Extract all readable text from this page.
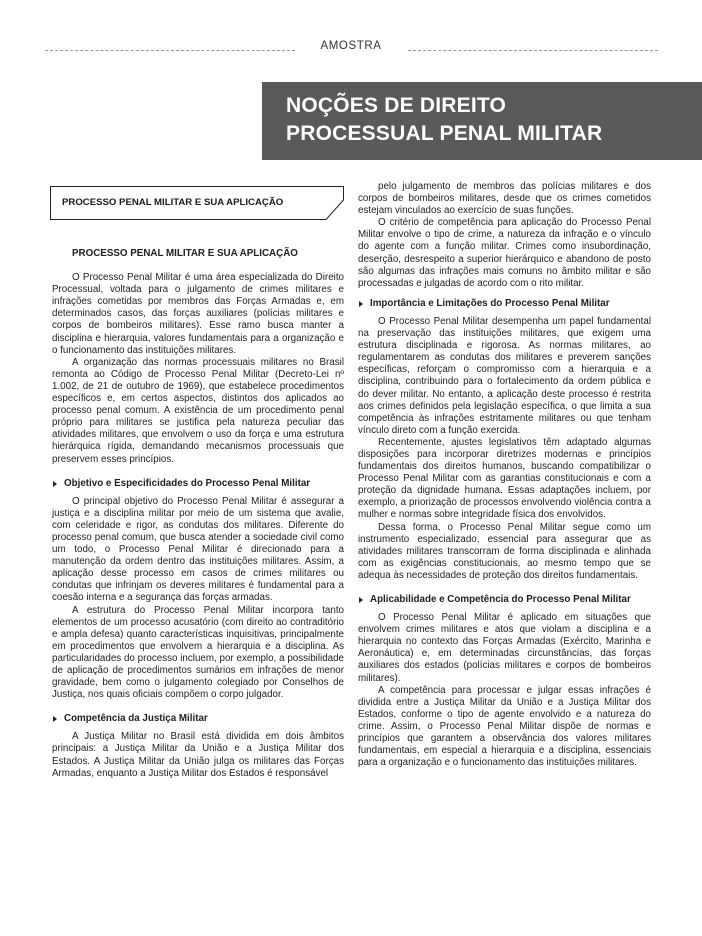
AMOSTRA
NOÇÕES DE DIREITO
PROCESSUAL PENAL MILITAR
PROCESSO PENAL MILITAR E SUA APLICAÇÃO
PROCESSO PENAL MILITAR E SUA APLICAÇÃO

O Processo Penal Militar é uma área especializada do Direito Processual, voltada para o julgamento de crimes militares e infrações cometidas por membros das Forças Armadas e, em determinados casos, das forças auxiliares (polícias militares e corpos de bombeiros militares). Esse ramo busca manter a disciplina e hierarquia, valores fundamentais para a organização e o funcionamento das instituições militares.

A organização das normas processuais militares no Brasil remonta ao Código de Processo Penal Militar (Decreto-Lei nº 1.002, de 21 de outubro de 1969), que estabelece procedimentos específicos e, em certos aspectos, distintos dos aplicados ao processo penal comum. A existência de um procedimento penal próprio para militares se justifica pela natureza peculiar das atividades militares, que envolvem o uso da força e uma estrutura hierárquica rígida, demandando mecanismos processuais que preservem esses princípios.

Objetivo e Especificidades do Processo Penal Militar

O principal objetivo do Processo Penal Militar é assegurar a justiça e a disciplina militar por meio de um sistema que avalie, com celeridade e rigor, as condutas dos militares. Diferente do processo penal comum, que busca atender a sociedade civil como um todo, o Processo Penal Militar é direcionado para a manutenção da ordem dentro das instituições militares. Assim, a aplicação desse processo em casos de crimes militares ou condutas que infrinjam os deveres militares é fundamental para a coesão interna e a segurança das forças armadas.

A estrutura do Processo Penal Militar incorpora tanto elementos de um processo acusatório (com direito ao contraditório e ampla defesa) quanto características inquisitivas, principalmente em procedimentos que envolvem a hierarquia e a disciplina. As particularidades do processo incluem, por exemplo, a possibilidade de aplicação de procedimentos sumários em infrações de menor gravidade, bem como o julgamento colegiado por Conselhos de Justiça, nos quais oficiais compõem o corpo julgador.

Competência da Justiça Militar

A Justiça Militar no Brasil está dividida em dois âmbitos principais: a Justiça Militar da União e a Justiça Militar dos Estados. A Justiça Militar da União julga os militares das Forças Armadas, enquanto a Justiça Militar dos Estados é responsável

pelo julgamento de membros das polícias militares e dos corpos de bombeiros militares, desde que os crimes cometidos estejam vinculados ao exercício de suas funções.

O critério de competência para aplicação do Processo Penal Militar envolve o tipo de crime, a natureza da infração e o vínculo do agente com a função militar. Crimes como insubordinação, deserção, desrespeito a superior hierárquico e abandono de posto são algumas das infrações mais comuns no âmbito militar e são processadas e julgadas de acordo com o rito militar.

Importância e Limitações do Processo Penal Militar

O Processo Penal Militar desempenha um papel fundamental na preservação das instituições militares, que exigem uma estrutura disciplinada e rigorosa. As normas militares, ao regulamentarem as condutas dos militares e preverem sanções específicas, reforçam o compromisso com a hierarquia e a disciplina, contribuindo para o fortalecimento da ordem pública e do dever militar. No entanto, a aplicação deste processo é restrita aos crimes definidos pela legislação específica, o que limita a sua competência às infrações estritamente militares ou que tenham vínculo direto com a função exercida.

Recentemente, ajustes legislativos têm adaptado algumas disposições para incorporar diretrizes modernas e princípios fundamentais dos direitos humanos, buscando compatibilizar o Processo Penal Militar com as garantias constitucionais e com a proteção da dignidade humana. Essas adaptações incluem, por exemplo, a priorização de processos envolvendo violência contra a mulher e normas sobre integridade física dos envolvidos.

Dessa forma, o Processo Penal Militar segue como um instrumento especializado, essencial para assegurar que as atividades militares transcorram de forma disciplinada e alinhada com as exigências constitucionais, ao mesmo tempo que se adequa às necessidades de proteção dos direitos fundamentais.

Aplicabilidade e Competência do Processo Penal Militar

O Processo Penal Militar é aplicado em situações que envolvem crimes militares e atos que violam a disciplina e a hierarquia no contexto das Forças Armadas (Exército, Marinha e Aeronáutica) e, em determinadas circunstâncias, das forças auxiliares dos estados (polícias militares e corpos de bombeiros militares).

A competência para processar e julgar essas infrações é dividida entre a Justiça Militar da União e a Justiça Militar dos Estados, conforme o tipo de agente envolvido e a natureza do crime. Assim, o Processo Penal Militar dispõe de normas e princípios que garantem a observância dos valores militares fundamentais, em especial a hierarquia e a disciplina, essenciais para a organização e o funcionamento das instituições militares.
